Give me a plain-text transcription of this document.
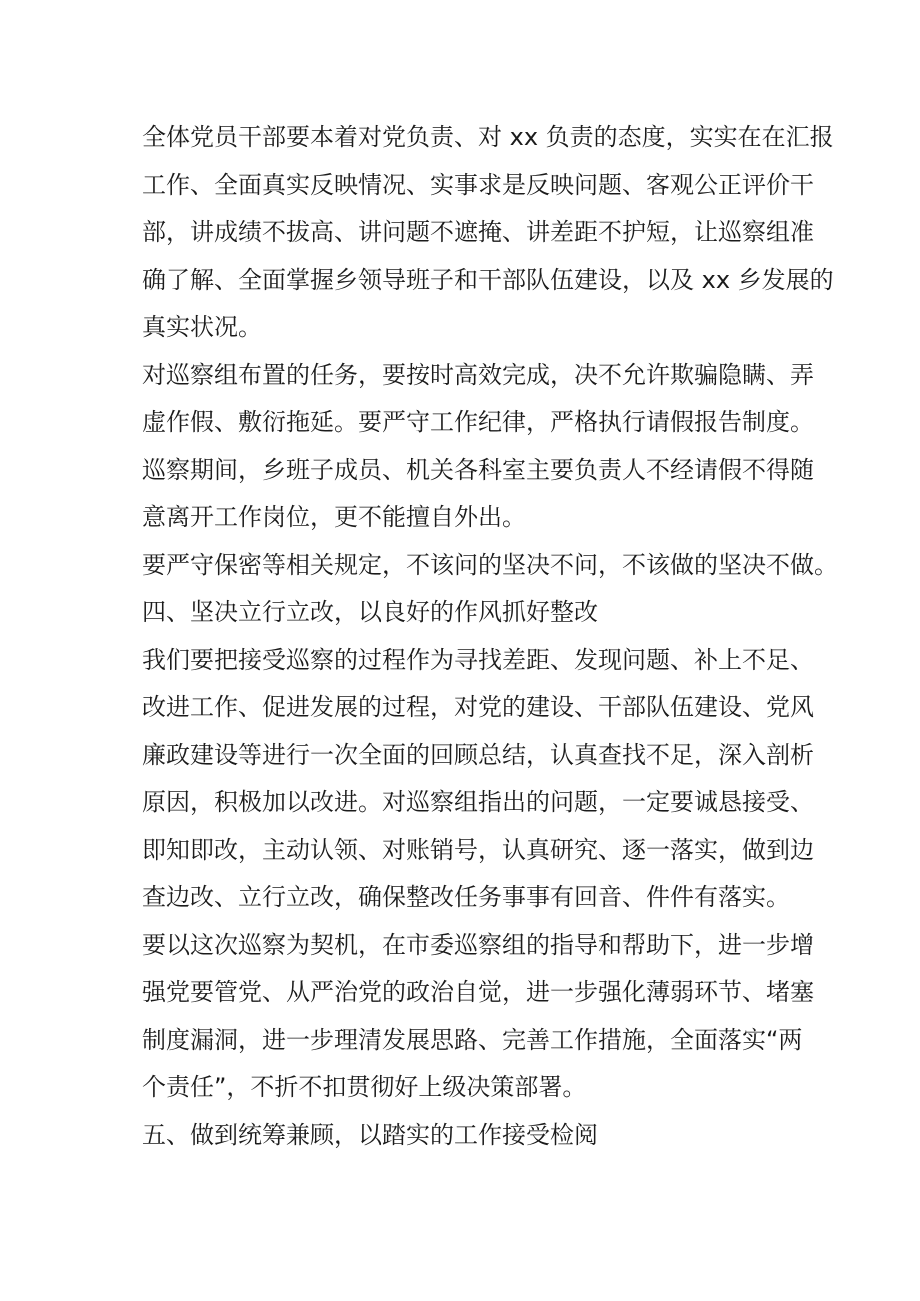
全体党员干部要本着对党负责、对 xx 负责的态度，实实在在汇报
工作、全面真实反映情况、实事求是反映问题、客观公正评价干
部，讲成绩不拔高、讲问题不遮掩、讲差距不护短，让巡察组准
确了解、全面掌握乡领导班子和干部队伍建设，以及 xx 乡发展的
真实状况。
对巡察组布置的任务，要按时高效完成，决不允许欺骗隐瞒、弄
虚作假、敷衍拖延。要严守工作纪律，严格执行请假报告制度。
巡察期间，乡班子成员、机关各科室主要负责人不经请假不得随
意离开工作岗位，更不能擅自外出。
要严守保密等相关规定，不该问的坚决不问，不该做的坚决不做。
四、坚决立行立改，以良好的作风抓好整改
我们要把接受巡察的过程作为寻找差距、发现问题、补上不足、
改进工作、促进发展的过程，对党的建设、干部队伍建设、党风
廉政建设等进行一次全面的回顾总结，认真查找不足，深入剖析
原因，积极加以改进。对巡察组指出的问题，一定要诚恳接受、
即知即改，主动认领、对账销号，认真研究、逐一落实，做到边
查边改、立行立改，确保整改任务事事有回音、件件有落实。
要以这次巡察为契机，在市委巡察组的指导和帮助下，进一步增
强党要管党、从严治党的政治自觉，进一步强化薄弱环节、堵塞
制度漏洞，进一步理清发展思路、完善工作措施，全面落实“两
个责任”，不折不扣贯彻好上级决策部署。
五、做到统筹兼顾，以踏实的工作接受检阅
